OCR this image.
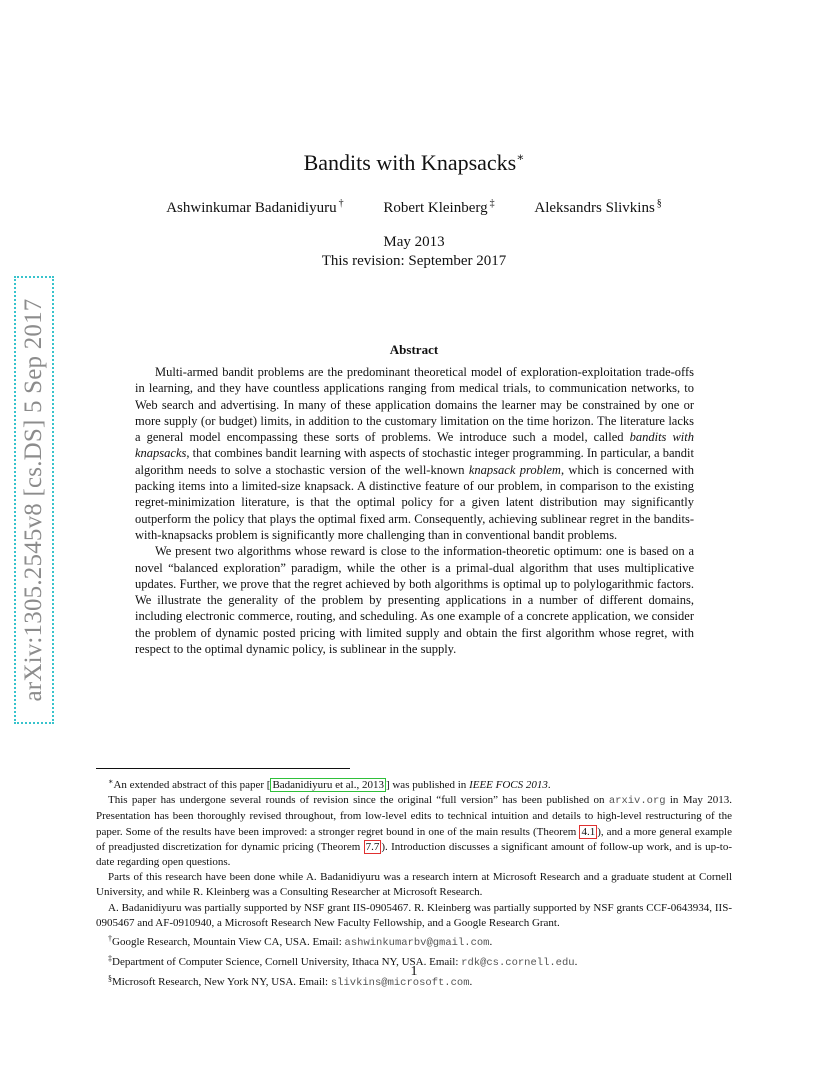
arXiv:1305.2545v8 [cs.DS] 5 Sep 2017
Bandits with Knapsacks∗
Ashwinkumar Badanidiyuru †	Robert Kleinberg ‡	Aleksandrs Slivkins §
May 2013
This revision: September 2017
Abstract

Multi-armed bandit problems are the predominant theoretical model of exploration-exploitation trade-offs in learning, and they have countless applications ranging from medical trials, to communication networks, to Web search and advertising. In many of these application domains the learner may be constrained by one or more supply (or budget) limits, in addition to the customary limitation on the time horizon. The literature lacks a general model encompassing these sorts of problems. We introduce such a model, called bandits with knapsacks, that combines bandit learning with aspects of stochastic integer programming. In particular, a bandit algorithm needs to solve a stochastic version of the well-known knapsack problem, which is concerned with packing items into a limited-size knapsack. A distinctive feature of our problem, in comparison to the existing regret-minimization literature, is that the optimal policy for a given latent distribution may significantly outperform the policy that plays the optimal fixed arm. Consequently, achieving sublinear regret in the bandits-with-knapsacks problem is significantly more challenging than in conventional bandit problems.

We present two algorithms whose reward is close to the information-theoretic optimum: one is based on a novel “balanced exploration” paradigm, while the other is a primal-dual algorithm that uses multiplicative updates. Further, we prove that the regret achieved by both algorithms is optimal up to polylogarithmic factors. We illustrate the generality of the problem by presenting applications in a number of different domains, including electronic commerce, routing, and scheduling. As one example of a concrete application, we consider the problem of dynamic posted pricing with limited supply and obtain the first algorithm whose regret, with respect to the optimal dynamic policy, is sublinear in the supply.

∗An extended abstract of this paper [ Badanidiyuru et al., 2013 ] was published in IEEE FOCS 2013.

This paper has undergone several rounds of revision since the original “full version” has been published on arxiv.org in May 2013. Presentation has been thoroughly revised throughout, from low-level edits to technical intuition and details to high-level restructuring of the paper. Some of the results have been improved: a stronger regret bound in one of the main results (Theorem 4.1 ), and a more general example of preadjusted discretization for dynamic pricing (Theorem 7.7 ). Introduction discusses a significant amount of follow-up work, and is up-to-date regarding open questions.

Parts of this research have been done while A. Badanidiyuru was a research intern at Microsoft Research and a graduate student at Cornell University, and while R. Kleinberg was a Consulting Researcher at Microsoft Research.

A. Badanidiyuru was partially supported by NSF grant IIS-0905467. R. Kleinberg was partially supported by NSF grants CCF-0643934, IIS-0905467 and AF-0910940, a Microsoft Research New Faculty Fellowship, and a Google Research Grant.

†Google Research, Mountain View CA, USA. Email: ashwinkumarbv@gmail.com.

‡Department of Computer Science, Cornell University, Ithaca NY, USA. Email: rdk@cs.cornell.edu.

§Microsoft Research, New York NY, USA. Email: slivkins@microsoft.com.

1
